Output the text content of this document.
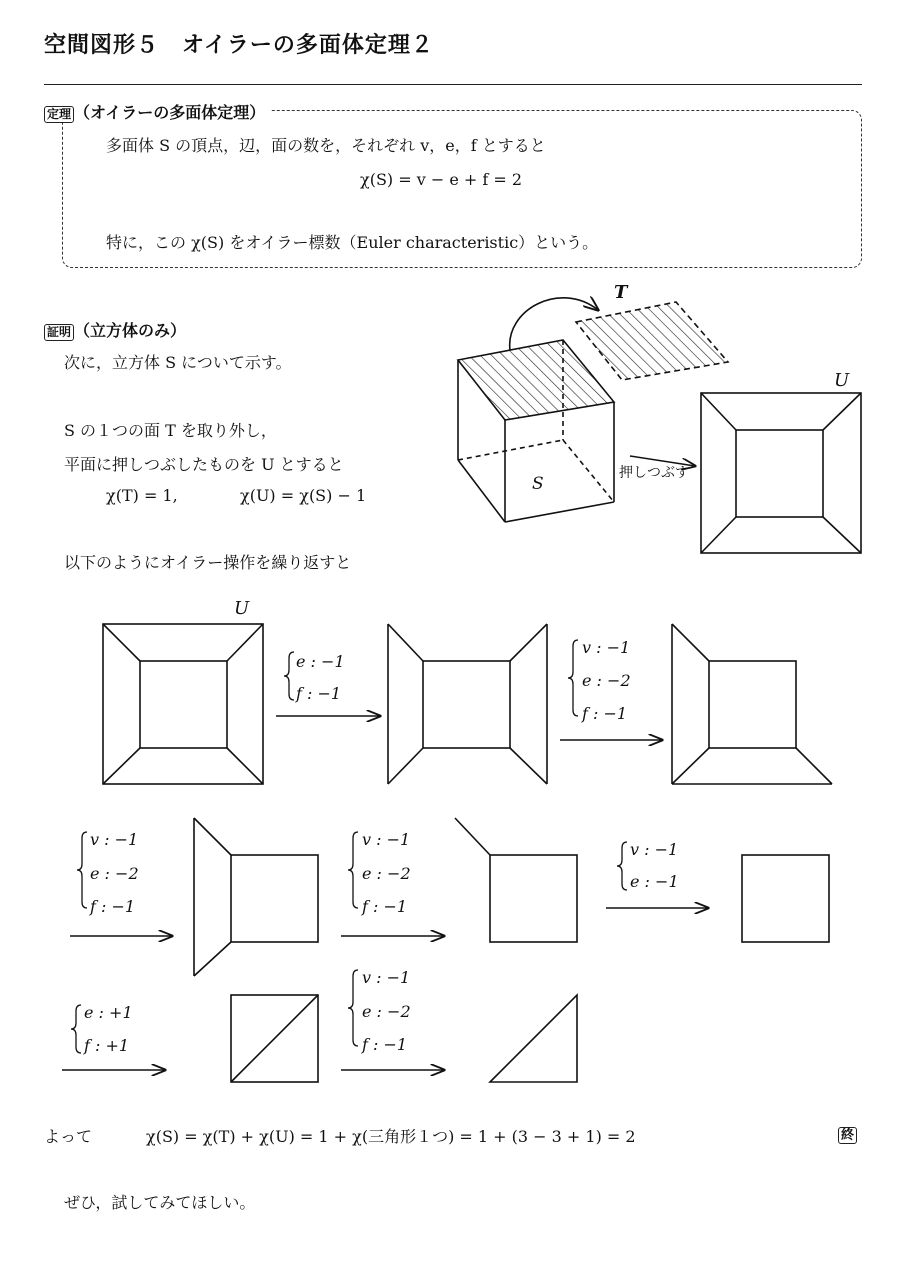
空間図形５　オイラーの多面体定理２
定理 （オイラーの多面体定理）
多面体 S の頂点，辺，面の数を，それぞれ v，e，f とすると
χ(S) = v − e + f = 2
特に，この χ(S) をオイラー標数（Euler characteristic）という。
証明 （立方体のみ）
次に，立方体 S について示す。
S の１つの面 T を取り外し，
平面に押しつぶしたものを U とすると
χ(T) = 1,	χ(U) = χ(S) − 1
以下のようにオイラー操作を繰り返すと
T
U
S
押しつぶす
U
e : −1
f : −1
v : −1
e : −2
f : −1
v : −1
e : −2
f : −1
v : −1
e : −2
f : −1
v : −1
e : −1
e : +1
f : +1
v : −1
e : −2
f : −1
よって	χ(S) = χ(T) + χ(U) = 1 + χ(三角形１つ) = 1 + (3 − 3 + 1) = 2	終
ぜひ，試してみてほしい。
